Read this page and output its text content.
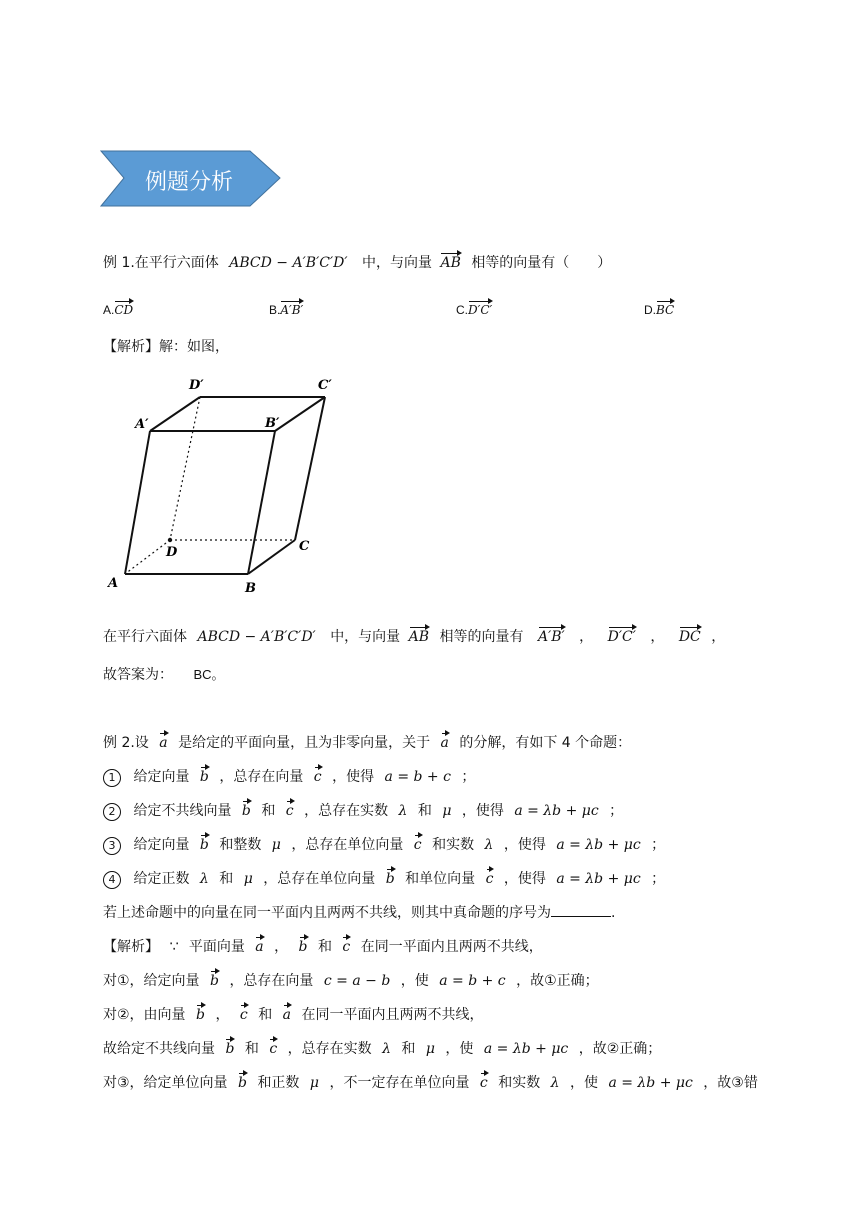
例题分析
例 1.在平行六面体 ABCD − A′B′C′D′ 中，与向量 AB 相等的向量有（　　）
A.CD	B.A′B′	C.D′C′	D.BC
【解析】解：如图，
A	B
C
D
A′	B′
C′
D′
在平行六面体 ABCD − A′B′C′D′ 中，与向量 AB 相等的向量有 A′B′ ， D′C′ ， DC ，
故答案为： BC。
例 2.设 a 是给定的平面向量，且为非零向量，关于 a 的分解，有如下 4 个命题：
1 给定向量 b ，总存在向量 c ，使得 a = b + c ；
2 给定不共线向量 b 和 c ，总存在实数 λ 和 μ ，使得 a = λb + μc ；
3 给定向量 b 和整数 μ ，总存在单位向量 c 和实数 λ ，使得 a = λb + μc ；
4 给定正数 λ 和 μ ，总存在单位向量 b 和单位向量 c ，使得 a = λb + μc ；
若上述命题中的向量在同一平面内且两两不共线，则其中真命题的序号为	.
【解析】 ∵ 平面向量 a ， b 和 c 在同一平面内且两两不共线，
对①，给定向量 b ，总存在向量 c = a − b ，使 a = b + c ，故①正确；
对②，由向量 b ， c 和 a 在同一平面内且两两不共线，
故给定不共线向量 b 和 c ，总存在实数 λ 和 μ ，使 a = λb + μc ，故②正确；
对③，给定单位向量 b 和正数 μ ，不一定存在单位向量 c 和实数 λ ，使 a = λb + μc ，故③错
